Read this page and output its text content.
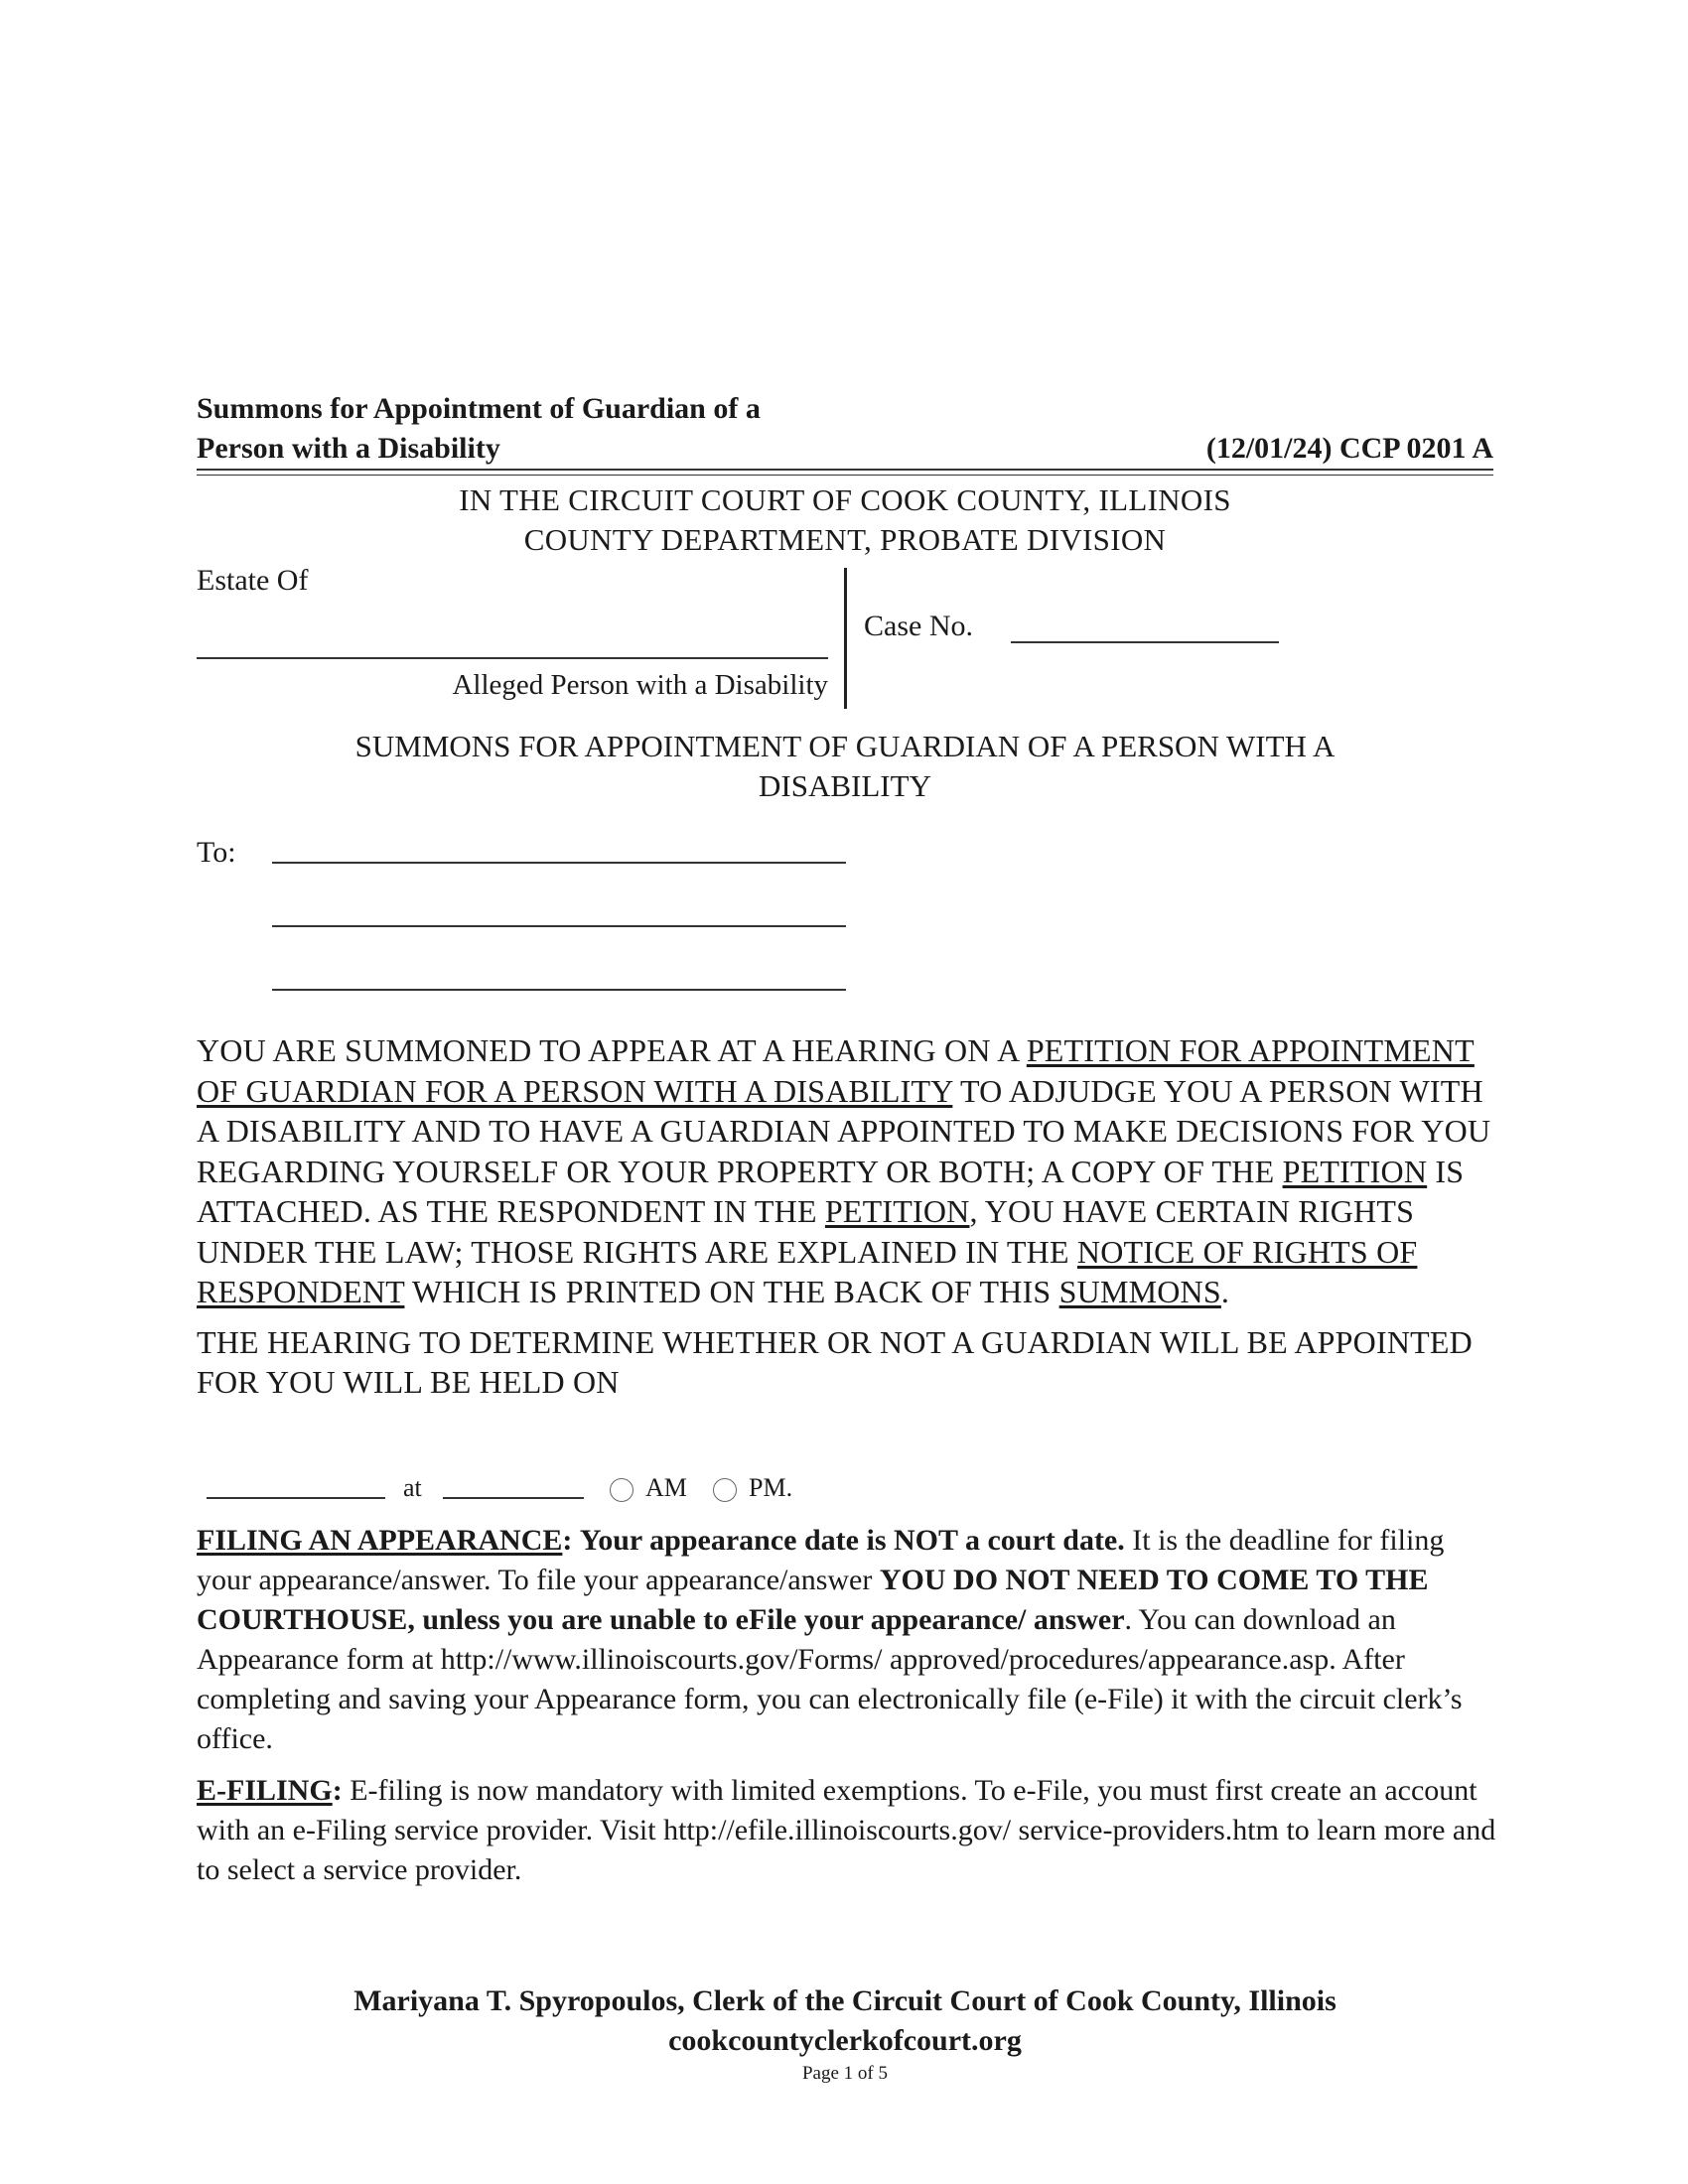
Summons for Appointment of Guardian of a
Person with a Disability	(12/01/24) CCP 0201 A
IN THE CIRCUIT COURT OF COOK COUNTY, ILLINOIS
COUNTY DEPARTMENT, PROBATE DIVISION
Estate Of
Alleged Person with a Disability
Case No.
SUMMONS FOR APPOINTMENT OF GUARDIAN OF A PERSON WITH A
DISABILITY
To:

YOU ARE SUMMONED TO APPEAR AT A HEARING ON A PETITION FOR APPOINTMENT OF GUARDIAN FOR A PERSON WITH A DISABILITY TO ADJUDGE YOU A PERSON WITH A DISABILITY AND TO HAVE A GUARDIAN APPOINTED TO MAKE DECISIONS FOR YOU REGARDING YOURSELF OR YOUR PROPERTY OR BOTH; A COPY OF THE PETITION IS ATTACHED. AS THE RESPONDENT IN THE PETITION, YOU HAVE CERTAIN RIGHTS UNDER THE LAW; THOSE RIGHTS ARE EXPLAINED IN THE NOTICE OF RIGHTS OF RESPONDENT WHICH IS PRINTED ON THE BACK OF THIS SUMMONS.

THE HEARING TO DETERMINE WHETHER OR NOT A GUARDIAN WILL BE APPOINTED FOR YOU WILL BE HELD ON

at	AM PM.

FILING AN APPEARANCE: Your appearance date is NOT a court date. It is the deadline for filing your appearance/answer. To file your appearance/answer YOU DO NOT NEED TO COME TO THE COURTHOUSE, unless you are unable to eFile your appearance/ answer. You can download an Appearance form at http://www.illinoiscourts.gov/Forms/ approved/procedures/appearance.asp. After completing and saving your Appearance form, you can electronically file (e-File) it with the circuit clerk’s office.

E-FILING: E-filing is now mandatory with limited exemptions. To e-File, you must first create an account with an e-Filing service provider. Visit http://efile.illinoiscourts.gov/ service-providers.htm to learn more and to select a service provider.

Mariyana T. Spyropoulos, Clerk of the Circuit Court of Cook County, Illinois
cookcountyclerkofcourt.org
Page 1 of 5
